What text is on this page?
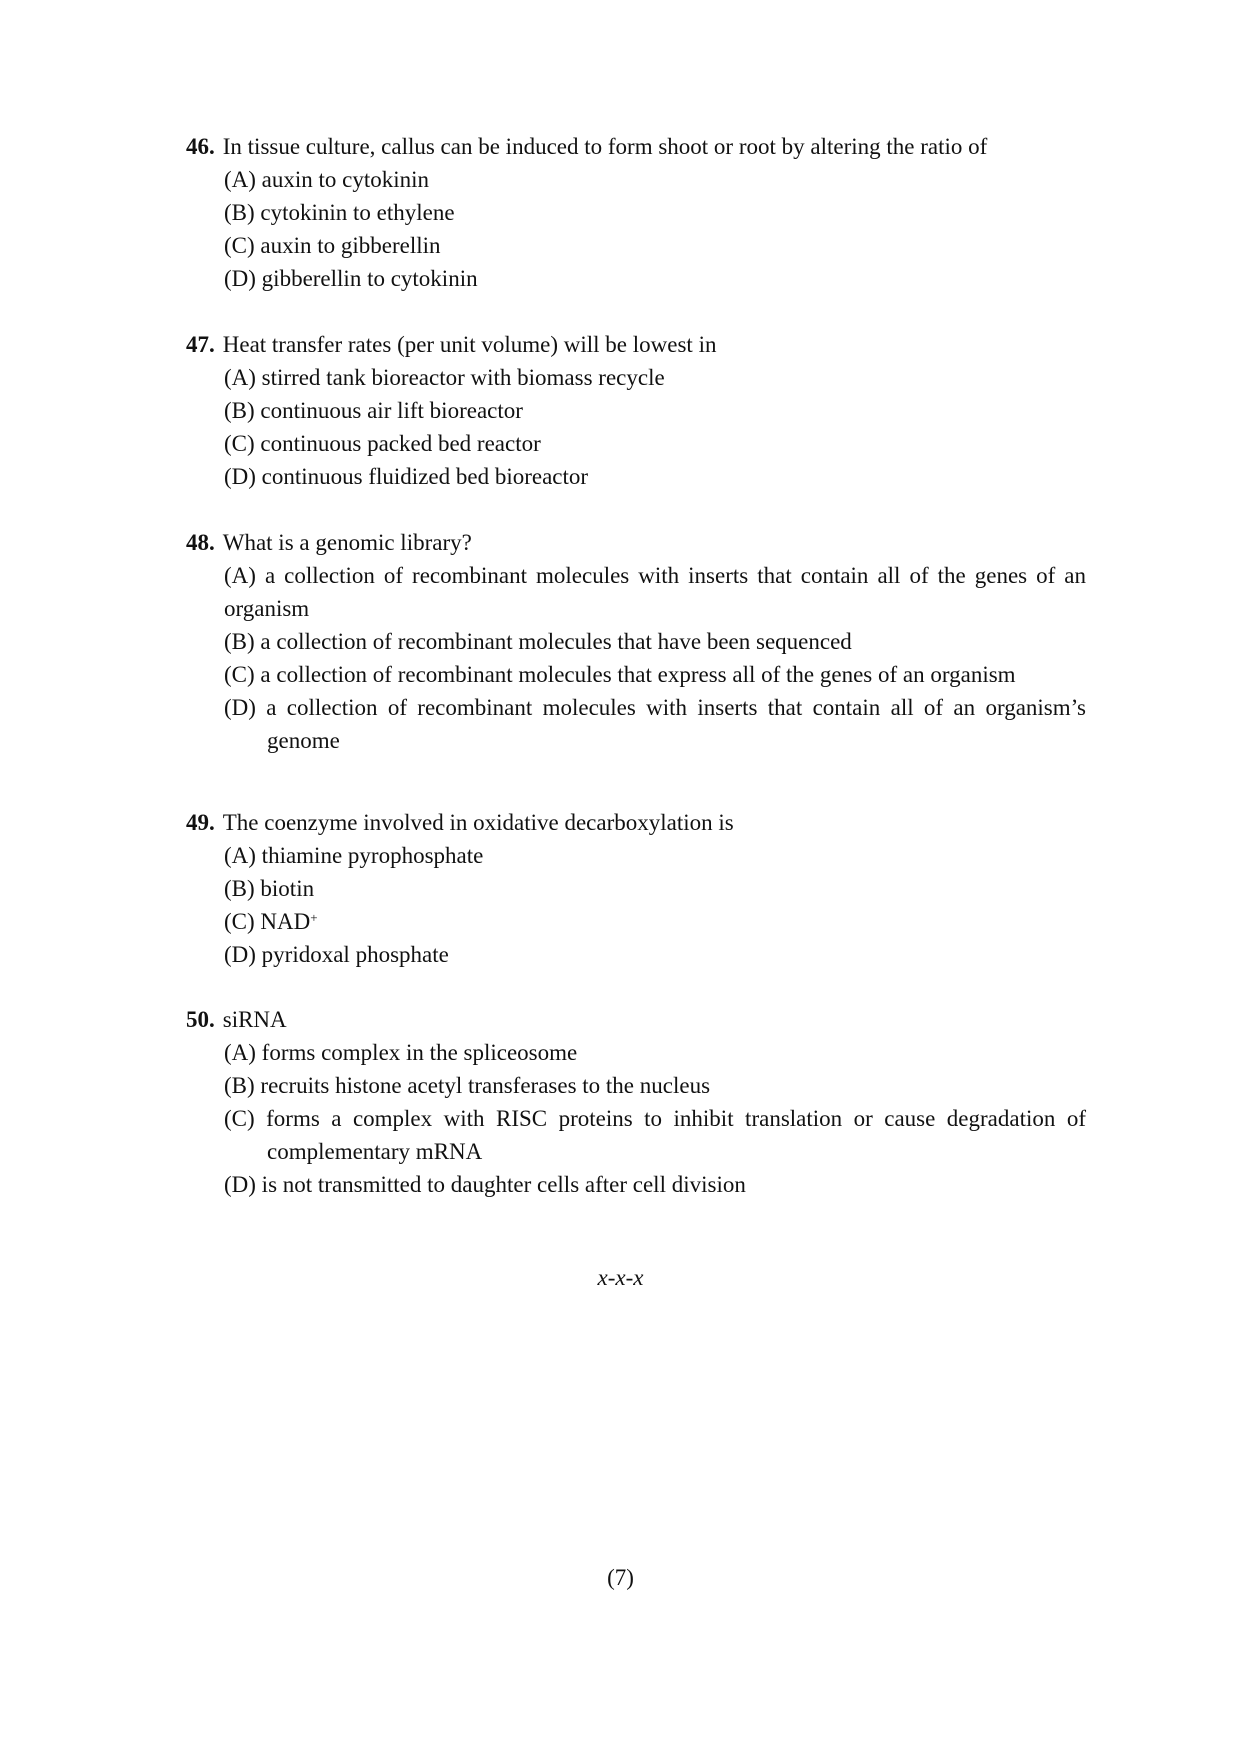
46. In tissue culture, callus can be induced to form shoot or root by altering the ratio of
(A) auxin to cytokinin
(B) cytokinin to ethylene
(C) auxin to gibberellin
(D) gibberellin to cytokinin
47. Heat transfer rates (per unit volume) will be lowest in
(A) stirred tank bioreactor with biomass recycle
(B) continuous air lift bioreactor
(C) continuous packed bed reactor
(D) continuous fluidized bed bioreactor
48. What is a genomic library?
(A) a collection of recombinant molecules with inserts that contain all of the genes of an organism
(B) a collection of recombinant molecules that have been sequenced
(C) a collection of recombinant molecules that express all of the genes of an organism
(D) a collection of recombinant molecules with inserts that contain all of an organism’s genome
49. The coenzyme involved in oxidative decarboxylation is
(A) thiamine pyrophosphate
(B) biotin
(C) NAD+
(D) pyridoxal phosphate
50. siRNA
(A) forms complex in the spliceosome
(B) recruits histone acetyl transferases to the nucleus
(C) forms a complex with RISC proteins to inhibit translation or cause degradation of complementary mRNA
(D) is not transmitted to daughter cells after cell division
x-x-x
(7)
